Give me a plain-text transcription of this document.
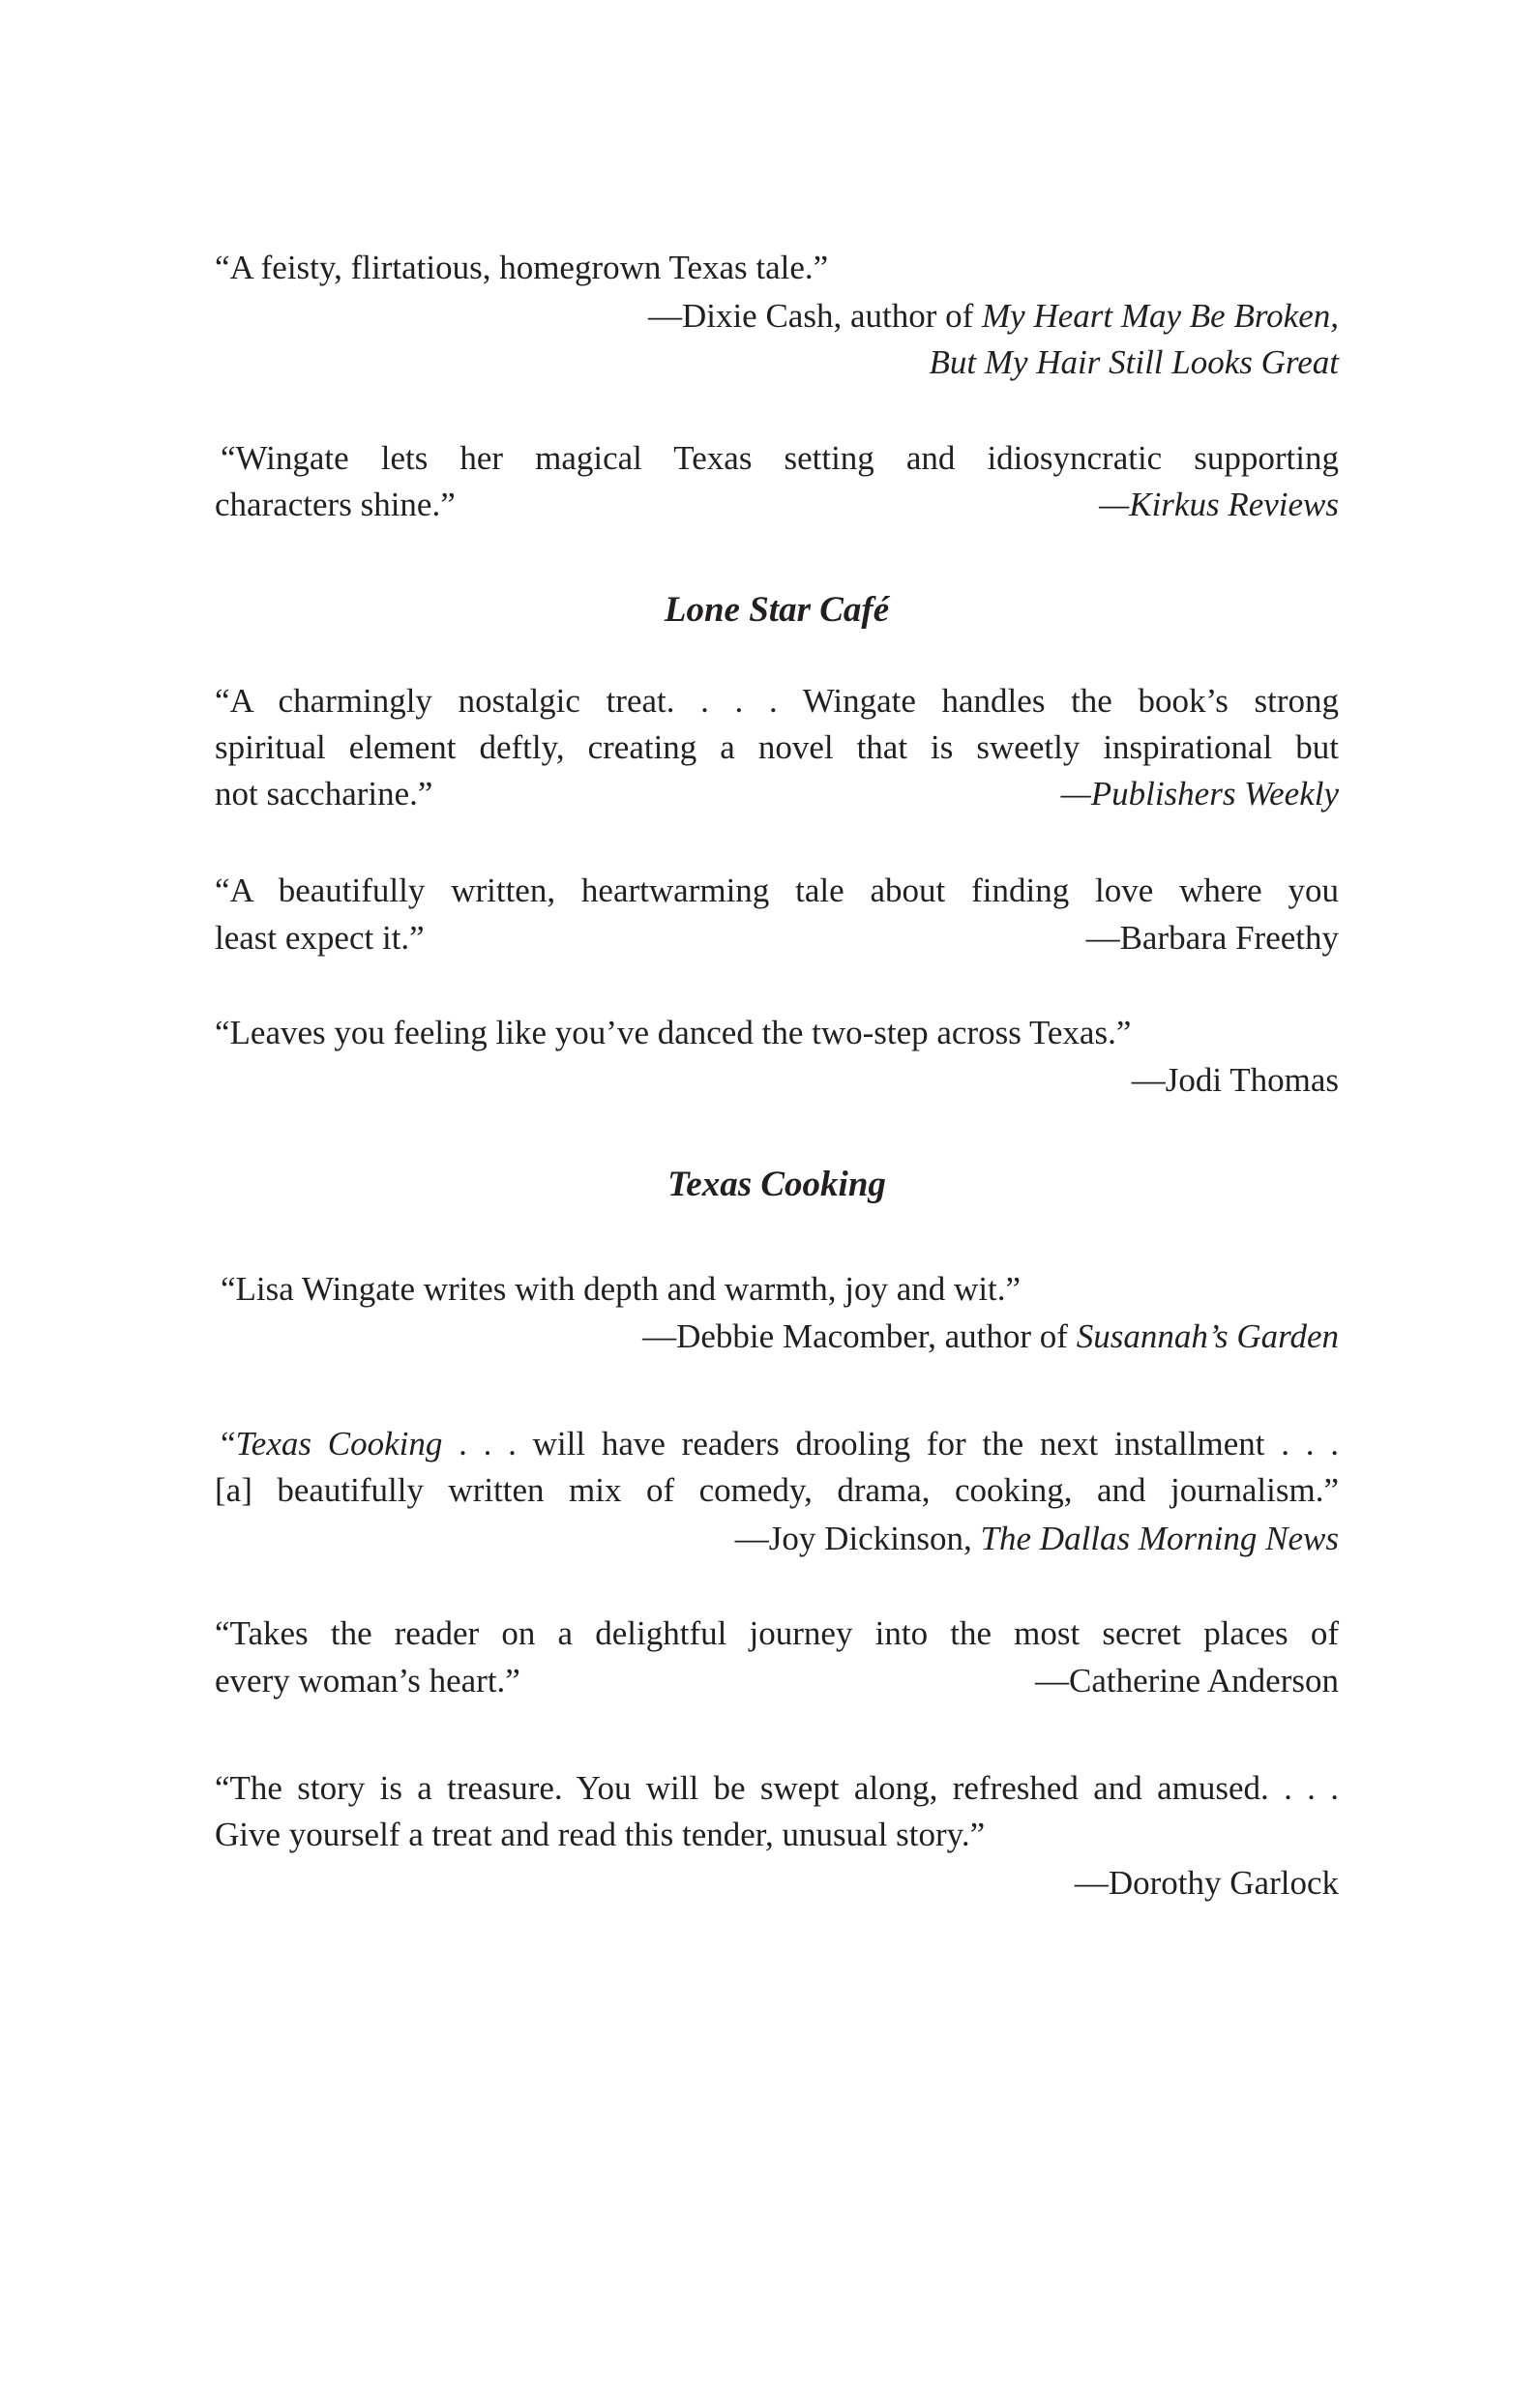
“A feisty, flirtatious, homegrown Texas tale.”
—Dixie Cash, author of My Heart May Be Broken,
But My Hair Still Looks Great
“Wingate lets her magical Texas setting and idiosyncratic supporting
characters shine.”	—Kirkus Reviews
Lone Star Café
“A charmingly nostalgic treat. . . . Wingate handles the book’s strong
spiritual element deftly, creating a novel that is sweetly inspirational but
not saccharine.”	—Publishers Weekly
“A beautifully written, heartwarming tale about finding love where you
least expect it.”	—Barbara Freethy
“Leaves you feeling like you’ve danced the two-step across Texas.”
—Jodi Thomas
Texas Cooking
“Lisa Wingate writes with depth and warmth, joy and wit.”
—Debbie Macomber, author of Susannah’s Garden
“Texas Cooking . . . will have readers drooling for the next installment . . .
[a] beautifully written mix of comedy, drama, cooking, and journalism.”
—Joy Dickinson, The Dallas Morning News
“Takes the reader on a delightful journey into the most secret places of
every woman’s heart.”	—Catherine Anderson
“The story is a treasure. You will be swept along, refreshed and amused. . . .
Give yourself a treat and read this tender, unusual story.”
—Dorothy Garlock
